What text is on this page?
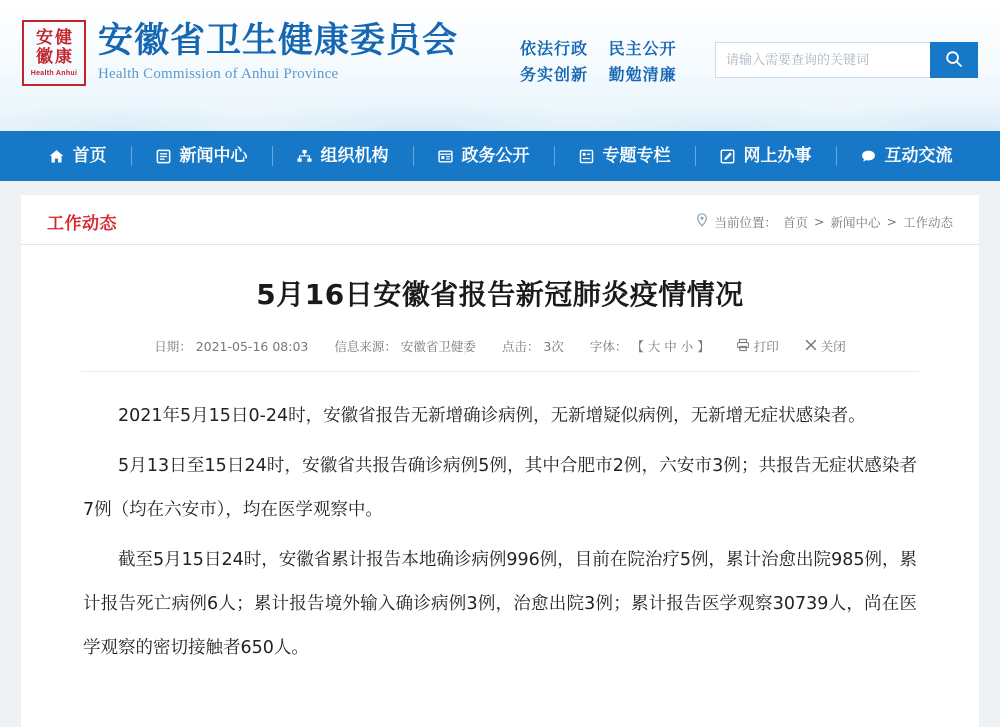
安
徽
健
康
Health Anhui
安徽省卫生健康委员会
Health Commission of Anhui Province
依法行政 民主公开
务实创新 勤勉清廉
请输入需要查询的关键词
首页	新闻中心	组织机构	政务公开	专题专栏	网上办事	互动交流
工作动态	当前位置： 首页 > 新闻中心 > 工作动态
5月16日安徽省报告新冠肺炎疫情情况
日期： 2021-05-16 08:03 信息来源： 安徽省卫健委 点击： 3次 字体： 【 大 中 小 】	打印	关闭

2021年5月15日0-24时，安徽省报告无新增确诊病例，无新增疑似病例，无新增无症状感染者。

5月13日至15日24时，安徽省共报告确诊病例5例，其中合肥市2例，六安市3例；共报告无症状感染者7例（均在六安市），均在医学观察中。

截至5月15日24时，安徽省累计报告本地确诊病例996例，目前在院治疗5例，累计治愈出院985例，累计报告死亡病例6人；累计报告境外输入确诊病例3例，治愈出院3例；累计报告医学观察30739人，尚在医学观察的密切接触者650人。
